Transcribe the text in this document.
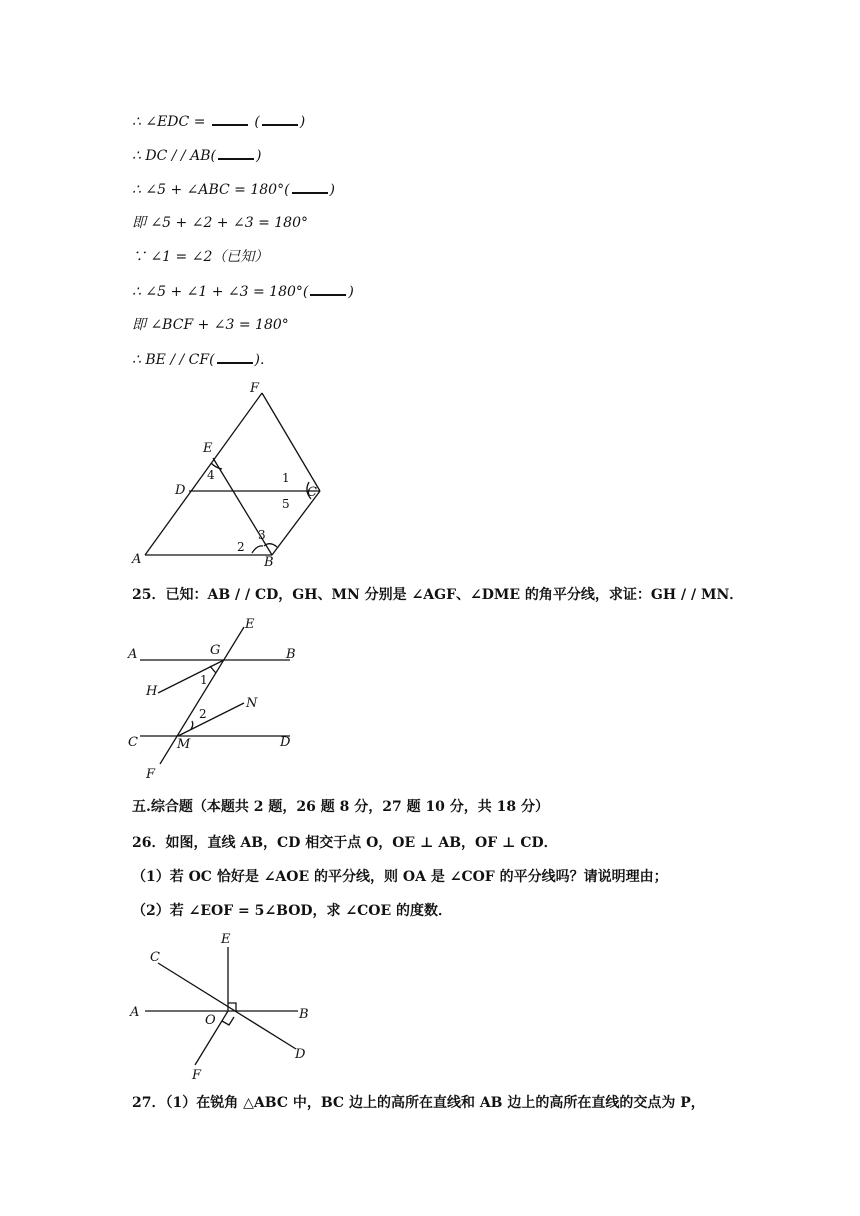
∴ ∠EDC =	(	)
∴ DC / / AB(	)
∴ ∠5 + ∠ABC = 180°(	)
即 ∠5 + ∠2 + ∠3 = 180°
∵ ∠1 = ∠2（已知）
∴ ∠5 + ∠1 + ∠3 = 180°(	)
即 ∠BCF + ∠3 = 180°
∴ BE / / CF(	).
F
E
4
D
1
C
5
3
2
A	B
25．已知：AB / / CD，GH、MN 分别是 ∠AGF、∠DME 的角平分线，求证：GH / / MN．
E
A	G	B
H
1
N
2
C	M	D
F
五.综合题（本题共 2 题，26 题 8 分，27 题 10 分，共 18 分）
26．如图，直线 AB，CD 相交于点 O，OE ⊥ AB，OF ⊥ CD．
（1）若 OC 恰好是 ∠AOE 的平分线，则 OA 是 ∠COF 的平分线吗？请说明理由；
（2）若 ∠EOF = 5∠BOD，求 ∠COE 的度数．
E
C
A	B
O
D
F
27．（1）在锐角 △ABC 中，BC 边上的高所在直线和 AB 边上的高所在直线的交点为 P，
